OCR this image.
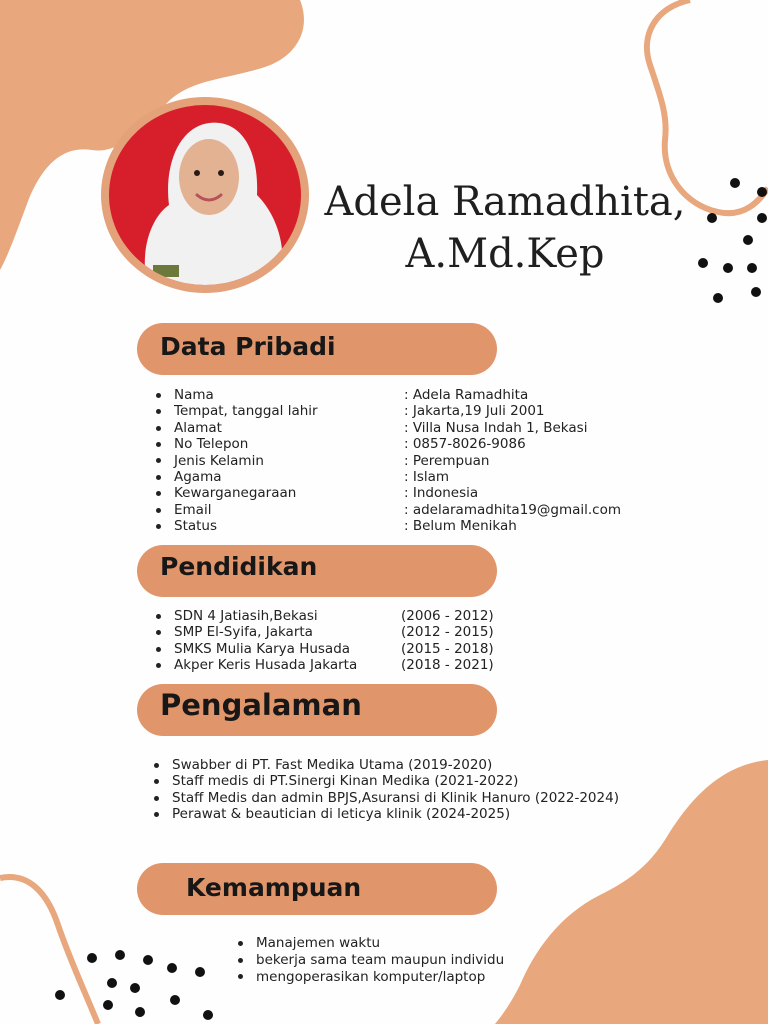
Adela Ramadhita,
A.Md.Kep
Data Pribadi
Nama	: Adela Ramadhita
Tempat, tanggal lahir	: Jakarta,19 Juli 2001
Alamat	: Villa Nusa Indah 1, Bekasi
No Telepon	: 0857-8026-9086
Jenis Kelamin	: Perempuan
Agama	: Islam
Kewarganegaraan	: Indonesia
Email	: adelaramadhita19@gmail.com
Status	: Belum Menikah
Pendidikan
SDN 4 Jatiasih,Bekasi	(2006 - 2012)
SMP El-Syifa, Jakarta	(2012 - 2015)
SMKS Mulia Karya Husada	(2015 - 2018)
Akper Keris Husada Jakarta	(2018 - 2021)
Pengalaman
Swabber di PT. Fast Medika Utama (2019-2020)
Staff medis di PT.Sinergi Kinan Medika (2021-2022)
Staff Medis dan admin BPJS,Asuransi di Klinik Hanuro (2022-2024)
Perawat & beautician di leticya klinik (2024-2025)
Kemampuan
Manajemen waktu
bekerja sama team maupun individu
mengoperasikan komputer/laptop
